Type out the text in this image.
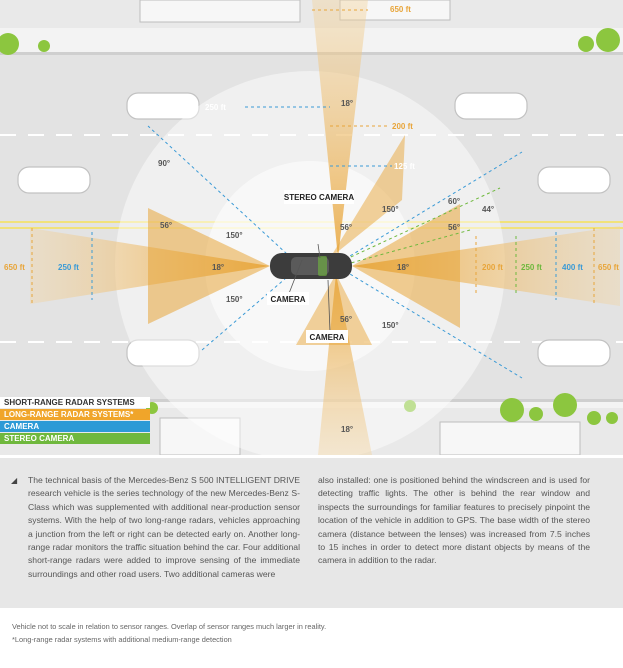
STEREO CAMERA
CAMERA
CAMERA
90°
18°
56°
150°
18°
150°
56°
150°
60°
44°
56°
18°
56°
150°
18°
650 ft
250 ft
200 ft
125 ft
650 ft	250 ft	200 ft 250 ft	400 ft 650 ft
SHORT-RANGE RADAR SYSTEMS
LONG-RANGE RADAR SYSTEMS*
CAMERA
STEREO CAMERA
◢ The technical basis of the Mercedes-Benz S 500 INTELLIGENT DRIVE research vehicle is the series technology of the new Mercedes-Benz S-Class which was supplemented with additional near-production sensor systems. With the help of two long-range radars, vehicles approaching a junction from the left or right can be detected early on. Another long-range radar monitors the traffic situation behind the car. Four additional short-range radars were added to improve sensing of the immediate surroundings and other road users. Two additional cameras were
also installed: one is positioned behind the windscreen and is used for detecting traffic lights. The other is behind the rear window and inspects the surroundings for familiar features to precisely pinpoint the location of the vehicle in addition to GPS. The base width of the stereo camera (distance between the lenses) was increased from 7.5 inches to 15 inches in order to detect more distant objects by means of the camera in addition to the radar.
Vehicle not to scale in relation to sensor ranges. Overlap of sensor ranges much larger in reality.
*Long-range radar systems with additional medium-range detection
